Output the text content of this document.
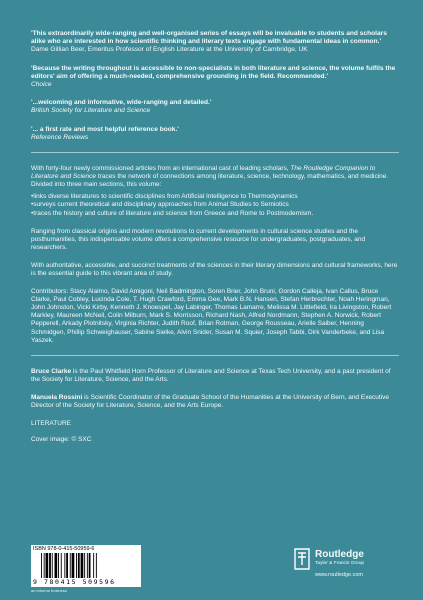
'This extraordinarily wide-ranging and well-organised series of essays will be invaluable to students and scholars alike who are interested in how scientific thinking and literary texts engage with fundamental ideas in common.'

Dame Gillian Beer, Emeritus Professor of English Literature at the University of Cambridge, UK

'Because the writing throughout is accessible to non-specialists in both literature and science, the volume fulfils the editors' aim of offering a much-needed, comprehensive grounding in the field. Recommended.'

Choice

'...welcoming and informative, wide-ranging and detailed.'

British Society for Literature and Science

'... a first rate and most helpful reference book.'

Reference Reviews

With forty-four newly commissioned articles from an international cast of leading scholars, The Routledge Companion to Literature and Science traces the network of connections among literature, science, technology, mathematics, and medicine. Divided into three main sections, this volume:

• links diverse literatures to scientific disciplines from Artificial Intelligence to Thermodynamics
• surveys current theoretical and disciplinary approaches from Animal Studies to Semiotics
• traces the history and culture of literature and science from Greece and Rome to Postmodernism.

Ranging from classical origins and modern revolutions to current developments in cultural science studies and the posthumanities, this indispensable volume offers a comprehensive resource for undergraduates, postgraduates, and researchers.

With authoritative, accessible, and succinct treatments of the sciences in their literary dimensions and cultural frameworks, here is the essential guide to this vibrant area of study.

Contributors: Stacy Alaimo, David Amigoni, Neil Badmington, Soren Brier, John Bruni, Gordon Calleja, Ivan Callus, Bruce Clarke, Paul Cobley, Lucinda Cole, T. Hugh Crawford, Emma Gee, Mark B.N. Hansen, Stefan Herbrechter, Noah Heringman, John Johnston, Vicki Kirby, Kenneth J. Knoespel, Jay Labinger, Thomas Lamarre, Melissa M. Littlefield, Ira Livingston, Robert Markley, Maureen McNeil, Colin Milburn, Mark S. Morrisson, Richard Nash, Alfred Nordmann, Stephen A. Norwick, Robert Pepperell, Arkady Plotnitsky, Virginia Richter, Judith Roof, Brian Rotman, George Rousseau, Arielle Saiber, Henning Schmidgen, Phillip Schweighauser, Sabine Sielke, Alvin Snider, Susan M. Squier, Joseph Tabbi, Dirk Vanderbeke, and Lisa Yaszek.

Bruce Clarke is the Paul Whitfield Horn Professor of Literature and Science at Texas Tech University, and a past president of the Society for Literature, Science, and the Arts.

Manuela Rossini is Scientific Coordinator of the Graduate School of the Humanities at the University of Bern, and Executive Director of the Society for Literature, Science, and the Arts Europe.

LITERATURE

Cover image: © SXC

ISBN 978-0-415-50959-6
9 780415 509596
an informa business
Routledge
Taylor & Francis Group
www.routledge.com
